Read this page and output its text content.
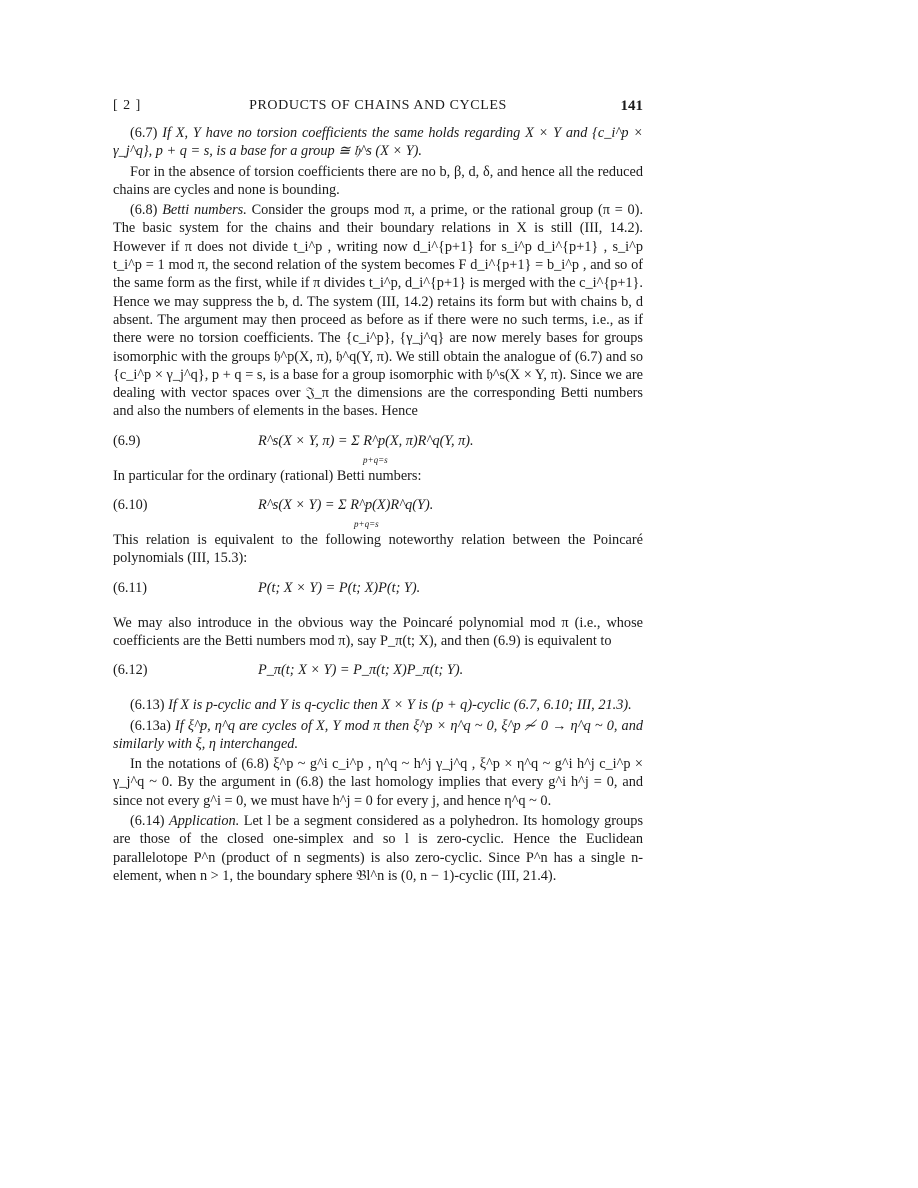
[ 2 ]	PRODUCTS OF CHAINS AND CYCLES	141

(6.7) If X, Y have no torsion coefficients the same holds regarding X × Y and {c_i^p × γ_j^q}, p + q = s, is a base for a group ≅ 𝔥^s (X × Y).

For in the absence of torsion coefficients there are no b, β, d, δ, and hence all the reduced chains are cycles and none is bounding.

(6.8) Betti numbers. Consider the groups mod π, a prime, or the rational group (π = 0). The basic system for the chains and their boundary relations in X is still (III, 14.2). However if π does not divide t_i^p , writing now d_i^{p+1} for s_i^p d_i^{p+1} , s_i^p t_i^p = 1 mod π, the second relation of the system becomes F d_i^{p+1} = b_i^p , and so of the same form as the first, while if π divides t_i^p, d_i^{p+1} is merged with the c_i^{p+1}. Hence we may suppress the b, d. The system (III, 14.2) retains its form but with chains b, d absent. The argument may then proceed as before as if there were no such terms, i.e., as if there were no torsion coefficients. The {c_i^p}, {γ_j^q} are now merely bases for groups isomorphic with the groups 𝔥^p(X, π), 𝔥^q(Y, π). We still obtain the analogue of (6.7) and so {c_i^p × γ_j^q}, p + q = s, is a base for a group isomorphic with 𝔥^s(X × Y, π). Since we are dealing with vector spaces over 𝔍_π the dimensions are the corresponding Betti numbers and also the numbers of elements in the bases. Hence

(6.9)	R^s(X × Y, π) = Σ R^p(X, π)R^q(Y, π).
p+q=s

In particular for the ordinary (rational) Betti numbers:

(6.10)	R^s(X × Y) = Σ R^p(X)R^q(Y).
p+q=s

This relation is equivalent to the following noteworthy relation between the Poincaré polynomials (III, 15.3):

(6.11)	P(t; X × Y) = P(t; X)P(t; Y).

We may also introduce in the obvious way the Poincaré polynomial mod π (i.e., whose coefficients are the Betti numbers mod π), say P_π(t; X), and then (6.9) is equivalent to

(6.12)	P_π(t; X × Y) = P_π(t; X)P_π(t; Y).

(6.13) If X is p-cyclic and Y is q-cyclic then X × Y is (p + q)-cyclic (6.7, 6.10; III, 21.3).

(6.13a) If ξ^p, η^q are cycles of X, Y mod π then ξ^p × η^q ~ 0, ξ^p ≁ 0 → η^q ~ 0, and similarly with ξ, η interchanged.

In the notations of (6.8) ξ^p ~ g^i c_i^p , η^q ~ h^j γ_j^q , ξ^p × η^q ~ g^i h^j c_i^p × γ_j^q ~ 0. By the argument in (6.8) the last homology implies that every g^i h^j = 0, and since not every g^i = 0, we must have h^j = 0 for every j, and hence η^q ~ 0.

(6.14) Application. Let l be a segment considered as a polyhedron. Its homology groups are those of the closed one-simplex and so l is zero-cyclic. Hence the Euclidean parallelotope P^n (product of n segments) is also zero-cyclic. Since P^n has a single n-element, when n > 1, the boundary sphere 𝔅l^n is (0, n − 1)-cyclic (III, 21.4).
